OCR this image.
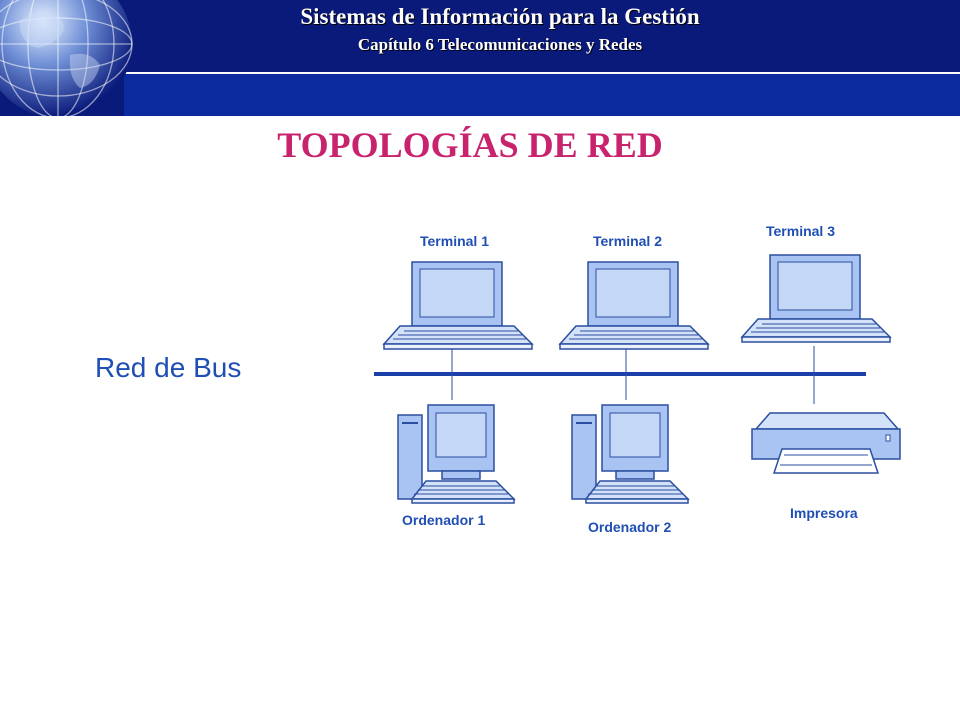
Sistemas de Información para la Gestión
Capítulo 6 Telecomunicaciones y Redes
TOPOLOGÍAS DE RED
Red de Bus
Terminal 1	Terminal 2
Terminal 3
Ordenador 1	Ordenador 2
Impresora
